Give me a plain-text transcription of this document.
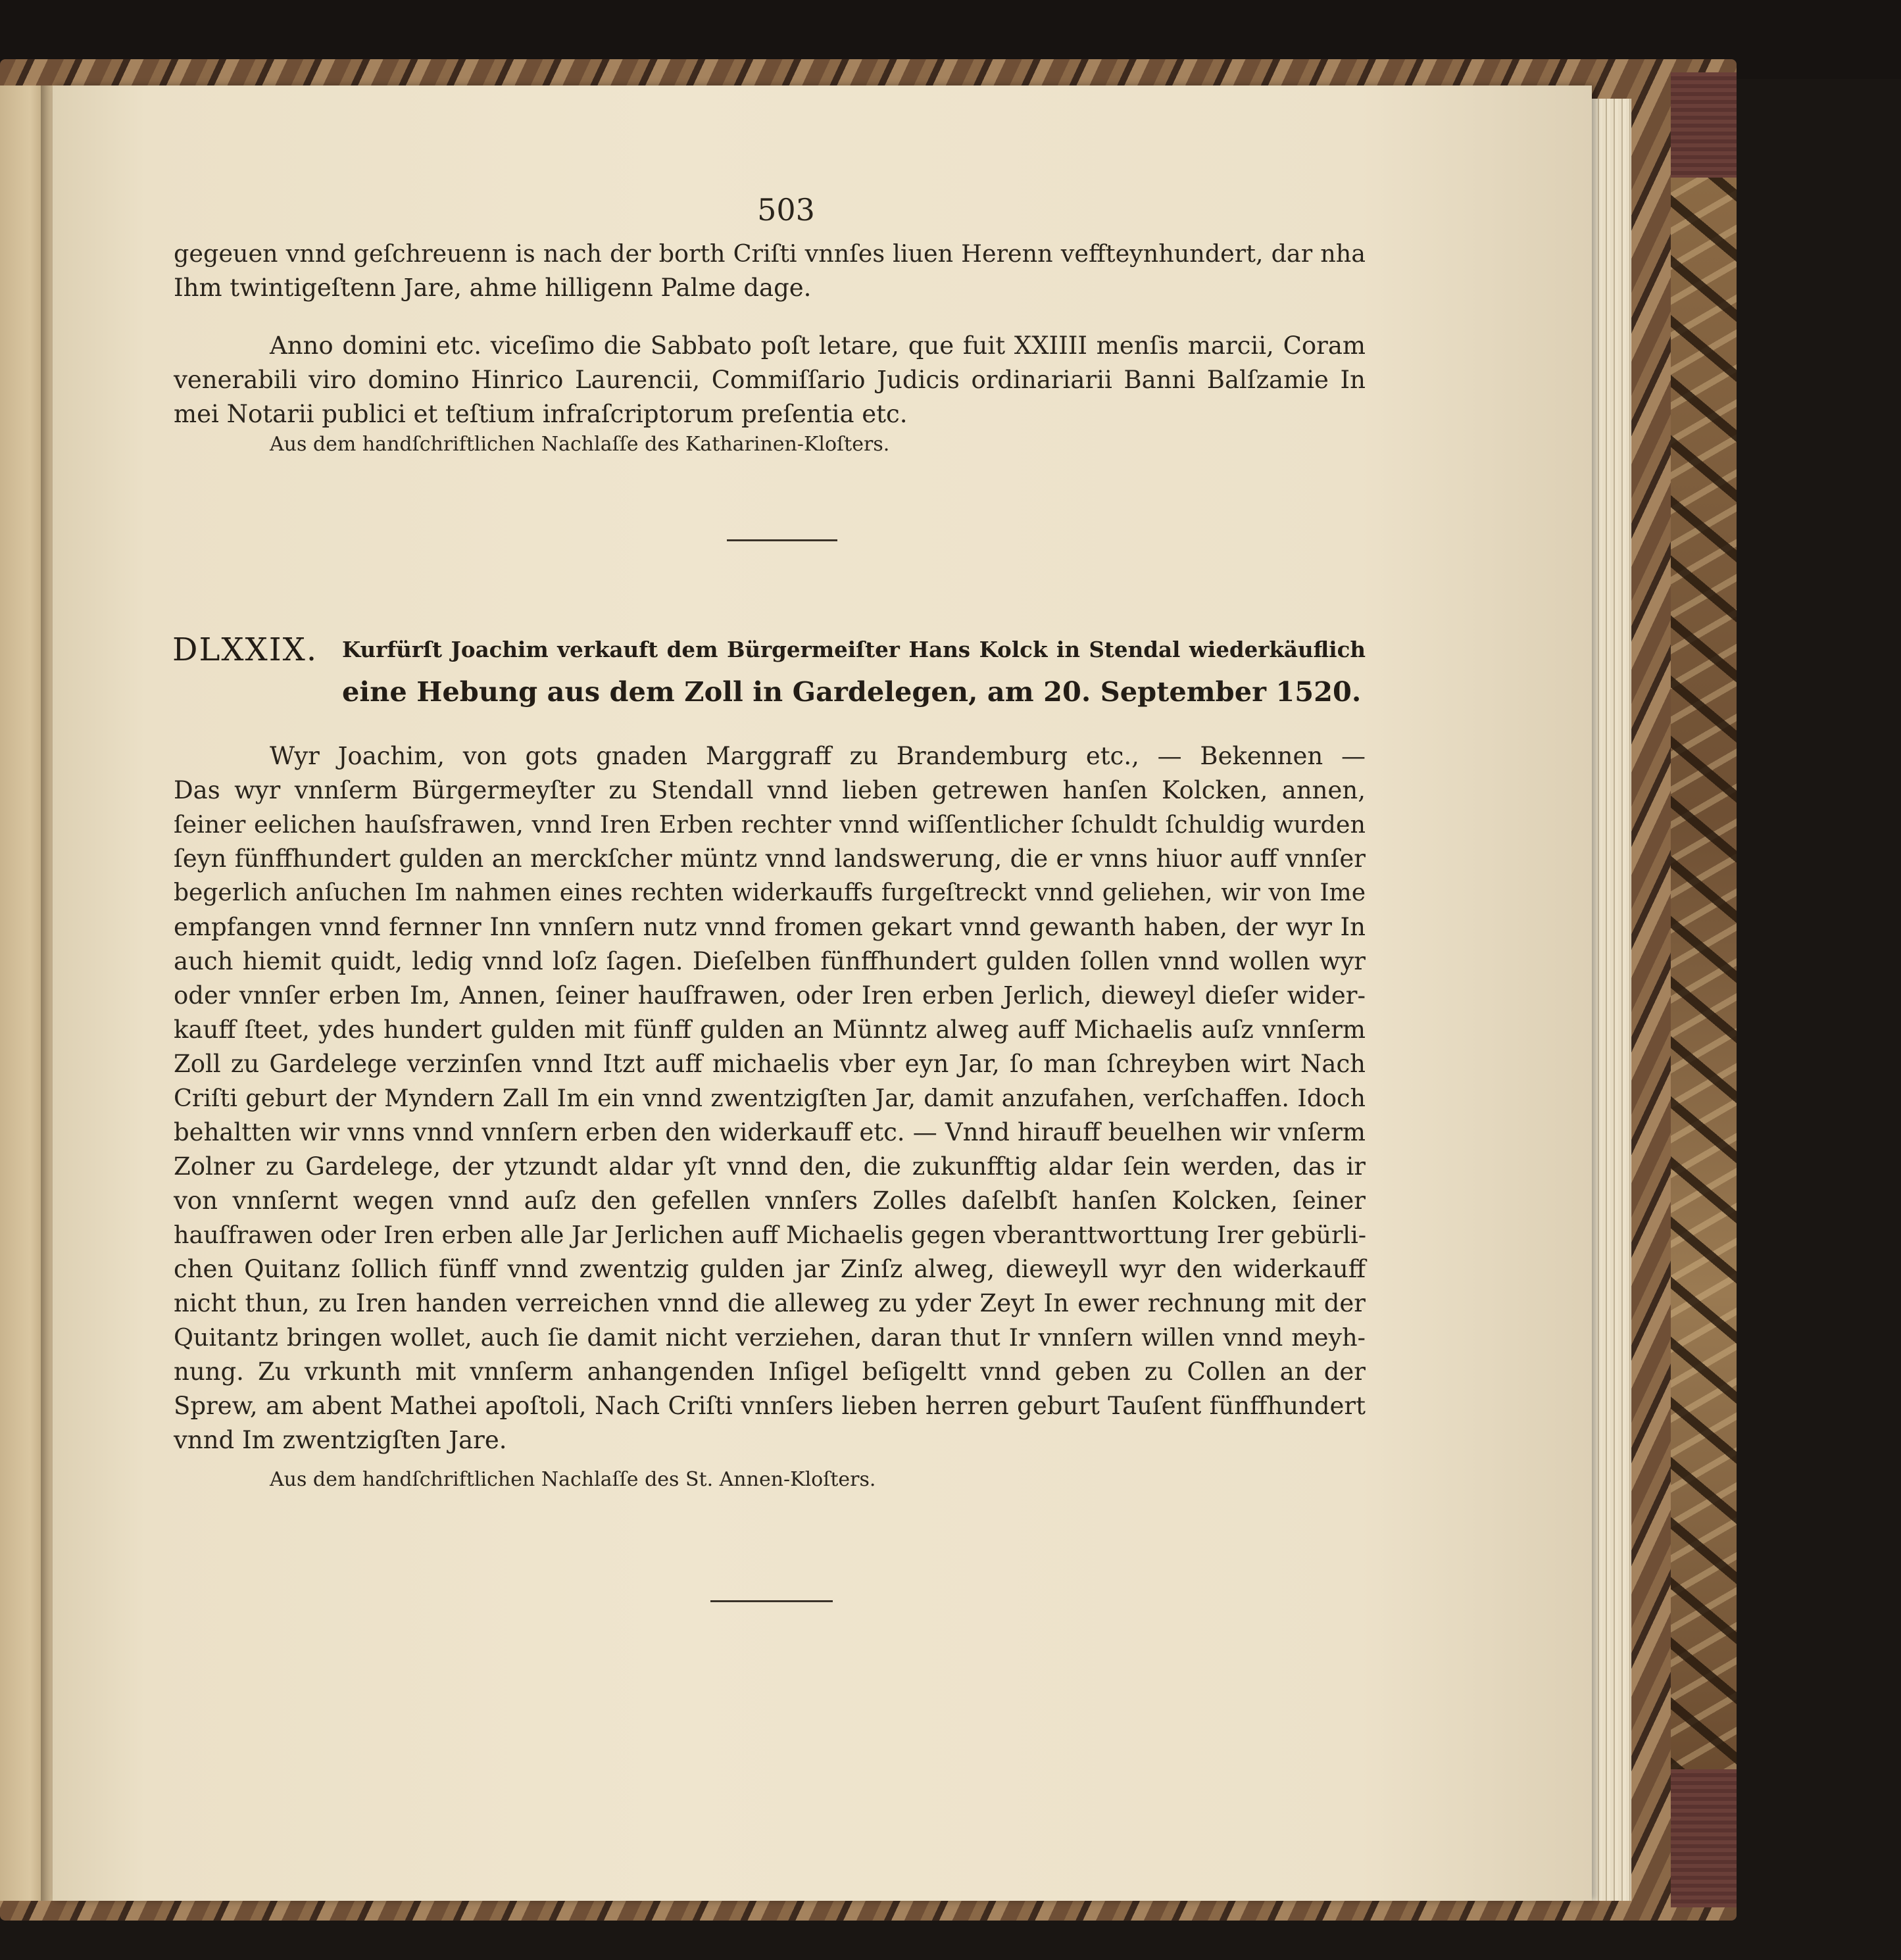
503
gegeuen vnnd geſchreuenn is nach der borth Criſti vnnſes liuen Herenn veffteynhundert, dar nha
Ihm twintigeſtenn Jare, ahme hilligenn Palme dage.
Anno domini etc. viceſimo die Sabbato poſt letare, que fuit XXIIII menſis marcii, Coram
venerabili viro domino Hinrico Laurencii, Commiſſario Judicis ordinariarii Banni Balſzamie In
mei Notarii publici et teſtium infraſcriptorum preſentia etc.
Aus dem handſchriftlichen Nachlaſſe des Katharinen-Kloſters.
DLXXIX. Kurfürſt Joachim verkauft dem Bürgermeiſter Hans Kolck in Stendal wiederkäuflich
eine Hebung aus dem Zoll in Gardelegen, am 20. September 1520.
Wyr Joachim, von gots gnaden Marggraff zu Brandemburg etc., — Bekennen —
Das wyr vnnſerm Bürgermeyſter zu Stendall vnnd lieben getrewen hanſen Kolcken, annen,
ſeiner eelichen hauſsfrawen, vnnd Iren Erben rechter vnnd wiſſentlicher ſchuldt ſchuldig wurden
ſeyn fünffhundert gulden an merckſcher müntz vnnd landswerung, die er vnns hiuor auff vnnſer
begerlich anſuchen Im nahmen eines rechten widerkauffs furgeſtreckt vnnd geliehen, wir von Ime
empfangen vnnd fernner Inn vnnſern nutz vnnd fromen gekart vnnd gewanth haben, der wyr In
auch hiemit quidt, ledig vnnd loſz ſagen. Dieſelben fünffhundert gulden ſollen vnnd wollen wyr
oder vnnſer erben Im, Annen, ſeiner hauſfrawen, oder Iren erben Jerlich, dieweyl dieſer wider-
kauff ſteet, ydes hundert gulden mit fünff gulden an Münntz alweg auff Michaelis auſz vnnſerm
Zoll zu Gardelege verzinſen vnnd Itzt auff michaelis vber eyn Jar, ſo man ſchreyben wirt Nach
Criſti geburt der Myndern Zall Im ein vnnd zwentzigſten Jar, damit anzufahen, verſchaffen. Idoch
behaltten wir vnns vnnd vnnſern erben den widerkauff etc. — Vnnd hirauff beuelhen wir vnſerm
Zolner zu Gardelege, der ytzundt aldar yſt vnnd den, die zukunfftig aldar ſein werden, das ir
von vnnſernt wegen vnnd auſz den gefellen vnnſers Zolles daſelbſt hanſen Kolcken, ſeiner
hauſfrawen oder Iren erben alle Jar Jerlichen auff Michaelis gegen vberanttworttung Irer gebürli-
chen Quitanz ſollich fünff vnnd zwentzig gulden jar Zinſz alweg, dieweyll wyr den widerkauff
nicht thun, zu Iren handen verreichen vnnd die alleweg zu yder Zeyt In ewer rechnung mit der
Quitantz bringen wollet, auch ſie damit nicht verziehen, daran thut Ir vnnſern willen vnnd meyh-
nung. Zu vrkunth mit vnnſerm anhangenden Inſigel beſigeltt vnnd geben zu Collen an der
Sprew, am abent Mathei apoſtoli, Nach Criſti vnnſers lieben herren geburt Tauſent fünffhundert
vnnd Im zwentzigſten Jare.
Aus dem handſchriftlichen Nachlaſſe des St. Annen-Kloſters.
